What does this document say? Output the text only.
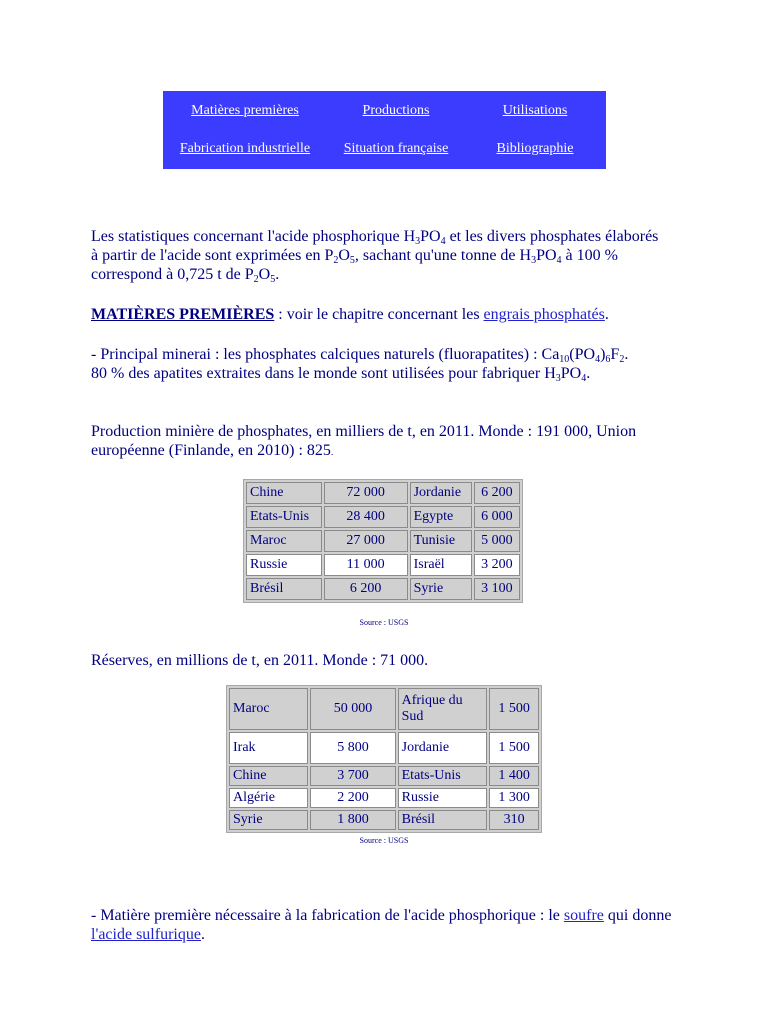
Matières premières	Productions	Utilisations
Fabrication industrielle Situation française	Bibliographie

Les statistiques concernant l'acide phosphorique $H_3PO_4$ et les divers phosphates élaborés à partir de l'acide sont exprimées en $P_2O_5$, sachant qu'une tonne de $H_3PO_4$ à 100 % correspond à 0,725 t de $P_2O_5$.

MATIÈRES PREMIÈRES : voir le chapitre concernant les engrais phosphatés.

- Principal minerai : les phosphates calciques naturels (fluorapatites) : $Ca_{10}(PO_4)_6F_2$. 80 % des apatites extraites dans le monde sont utilisées pour fabriquer $H_3PO_4$.

Production minière de phosphates, en milliers de t, en 2011. Monde : 191 000, Union européenne (Finlande, en 2010) : 825.

Chine	72 000	Jordanie	6 200
Etats-Unis	28 400	Egypte	6 000
Maroc	27 000	Tunisie	5 000
Russie	11 000	Israël	3 200
Brésil	6 200	Syrie	3 100
Source : USGS

Réserves, en millions de t, en 2011. Monde : 71 000.

Maroc	50 000	Afrique du Sud	1 500
Irak	5 800	Jordanie	1 500
Chine	3 700	Etats-Unis	1 400
Algérie	2 200	Russie	1 300
Syrie	1 800	Brésil	310
Source : USGS

- Matière première nécessaire à la fabrication de l'acide phosphorique : le soufre qui donne l'acide sulfurique.
